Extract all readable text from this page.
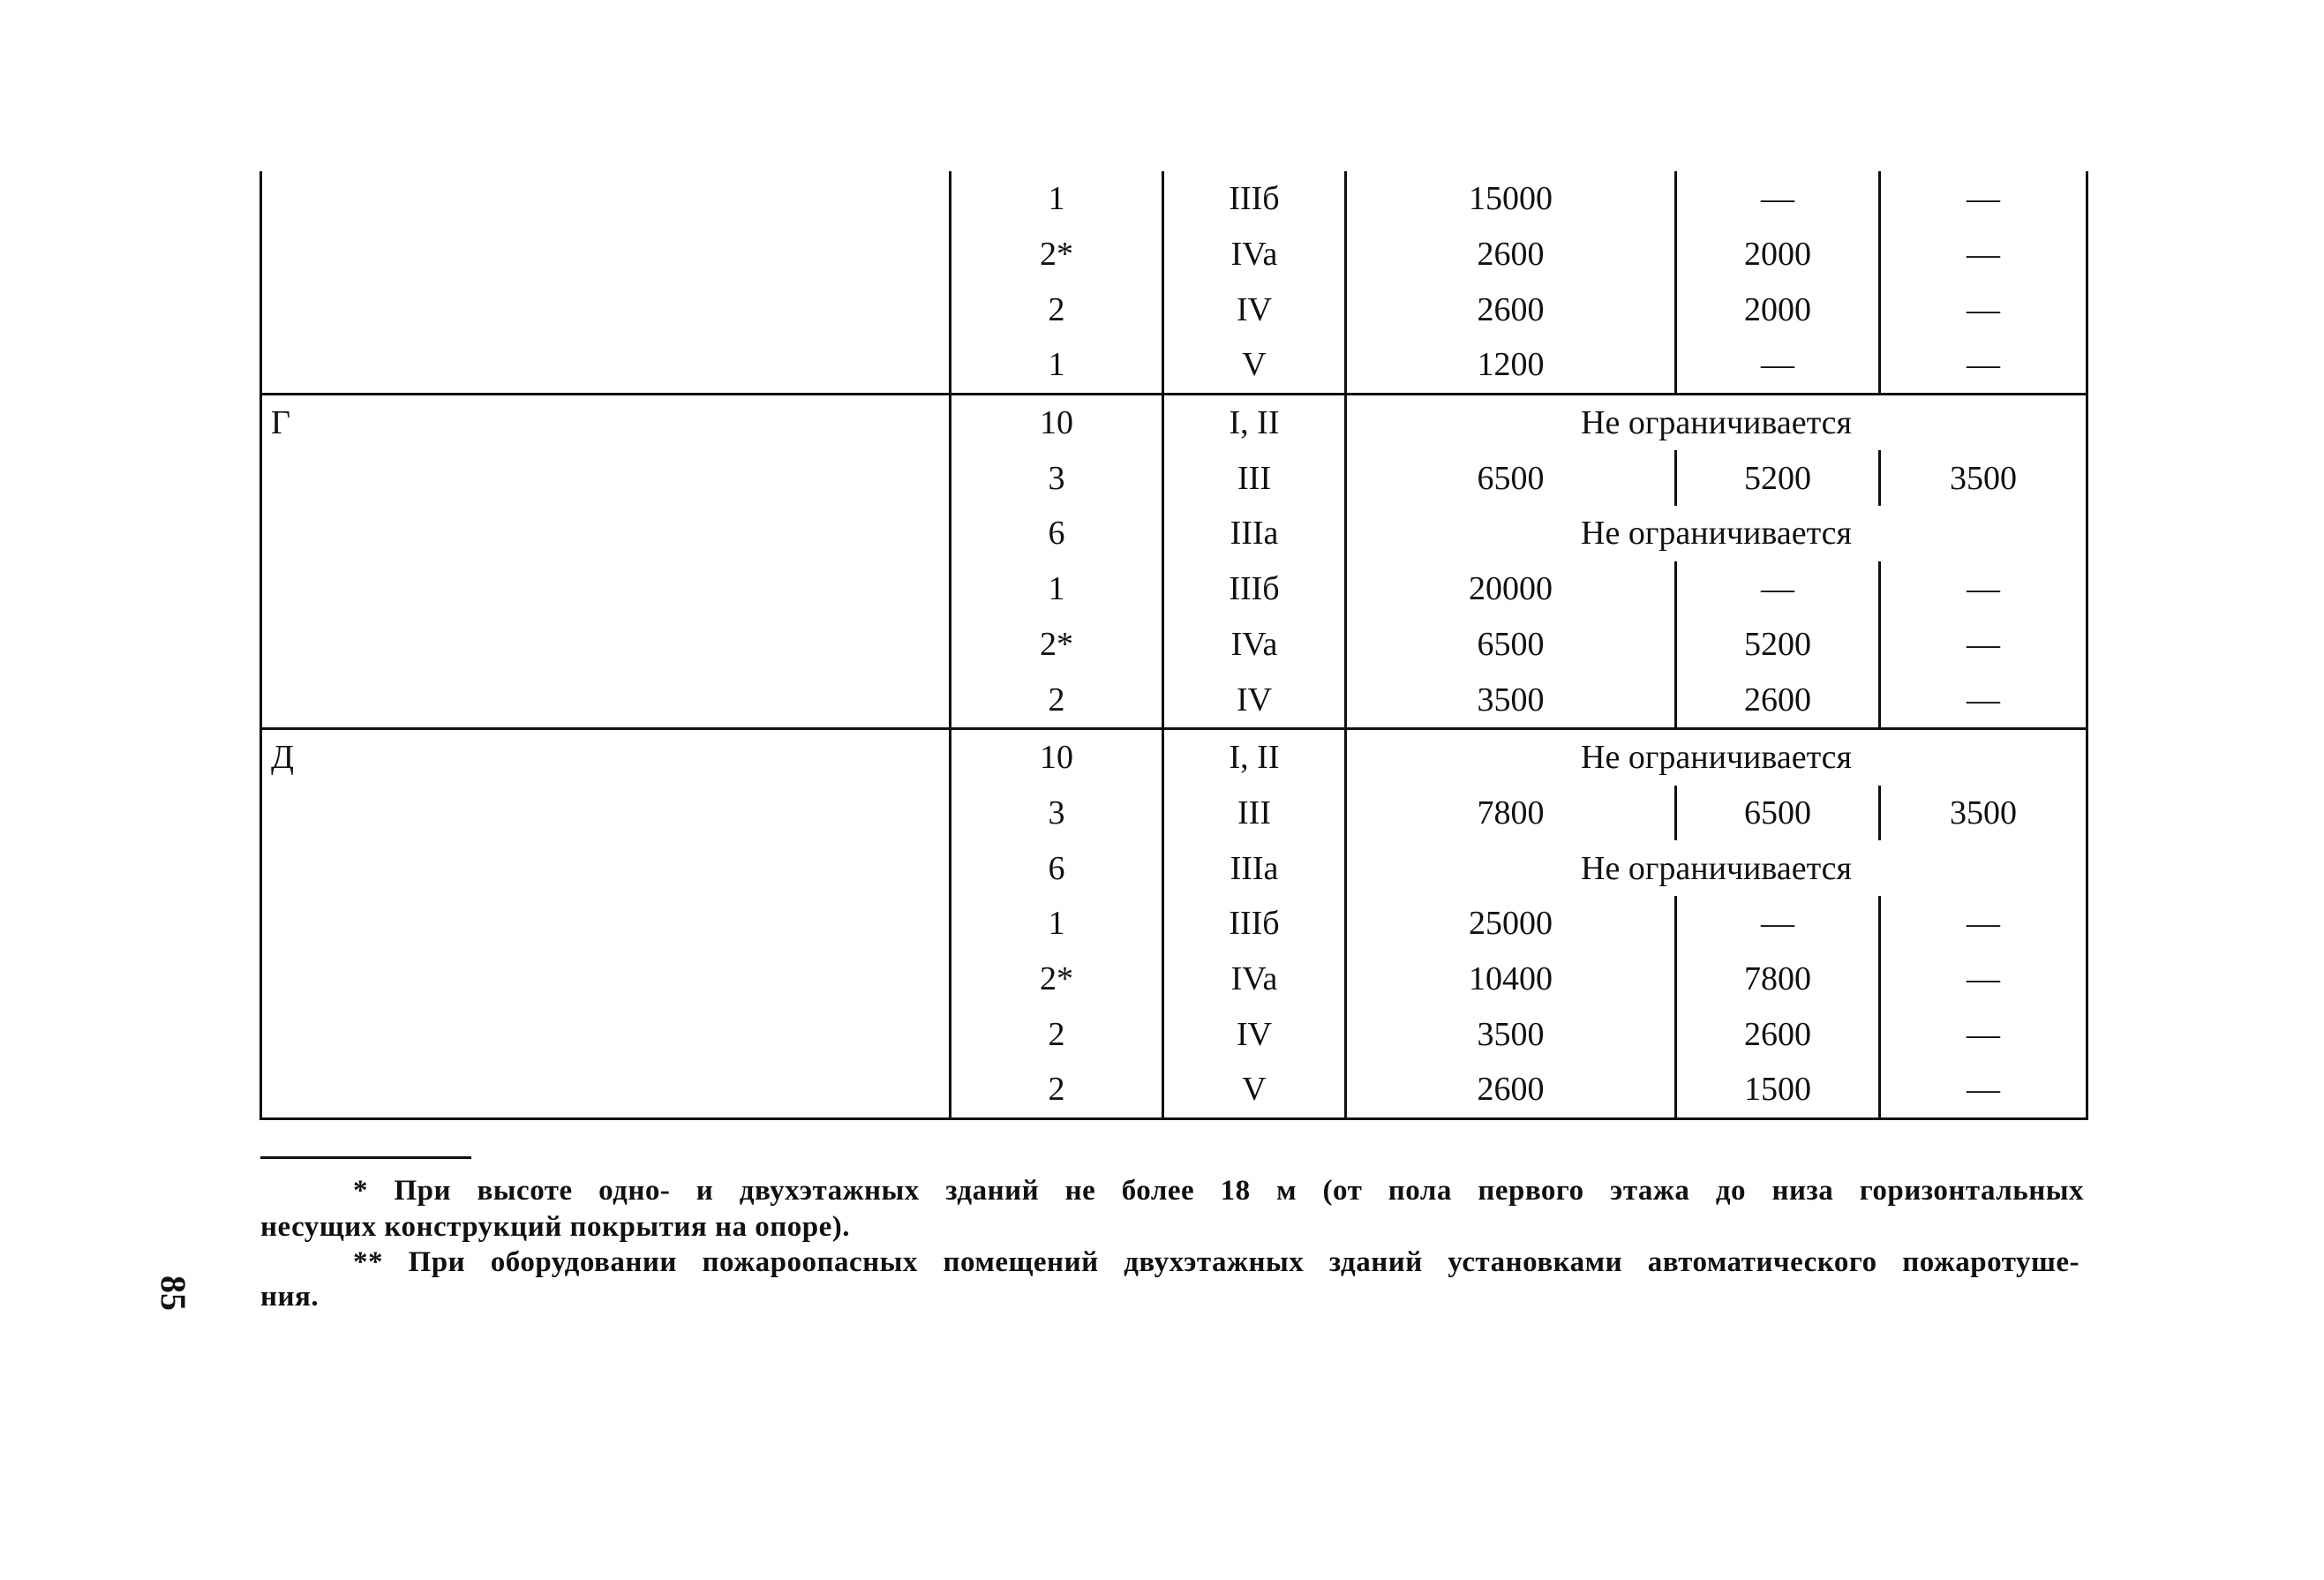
	1	IIIб	15000	—	—
	2*	IVa	2600	2000	—
	2	IV	2600	2000	—
	1	V	1200	—	—

Г	10	I, II	Не ограничивается		
	3	III	6500	5200	3500
	6	IIIa	Не ограничивается		
	1	IIIб	20000	—	—
	2*	IVa	6500	5200	—
	2	IV	3500	2600	—

Д	10	I, II	Не ограничивается		
	3	III	7800	6500	3500
	6	IIIa	Не ограничивается		
	1	IIIб	25000	—	—
	2*	IVa	10400	7800	—
	2	IV	3500	2600	—
	2	V	2600	1500	—
* При высоте одно- и двухэтажных зданий не более 18 м (от пола первого этажа до низа горизонтальных
несущих конструкций покрытия на опоре).
** При оборудовании пожароопасных помещений двухэтажных зданий установками автоматического пожаротуше-
ния.
85
